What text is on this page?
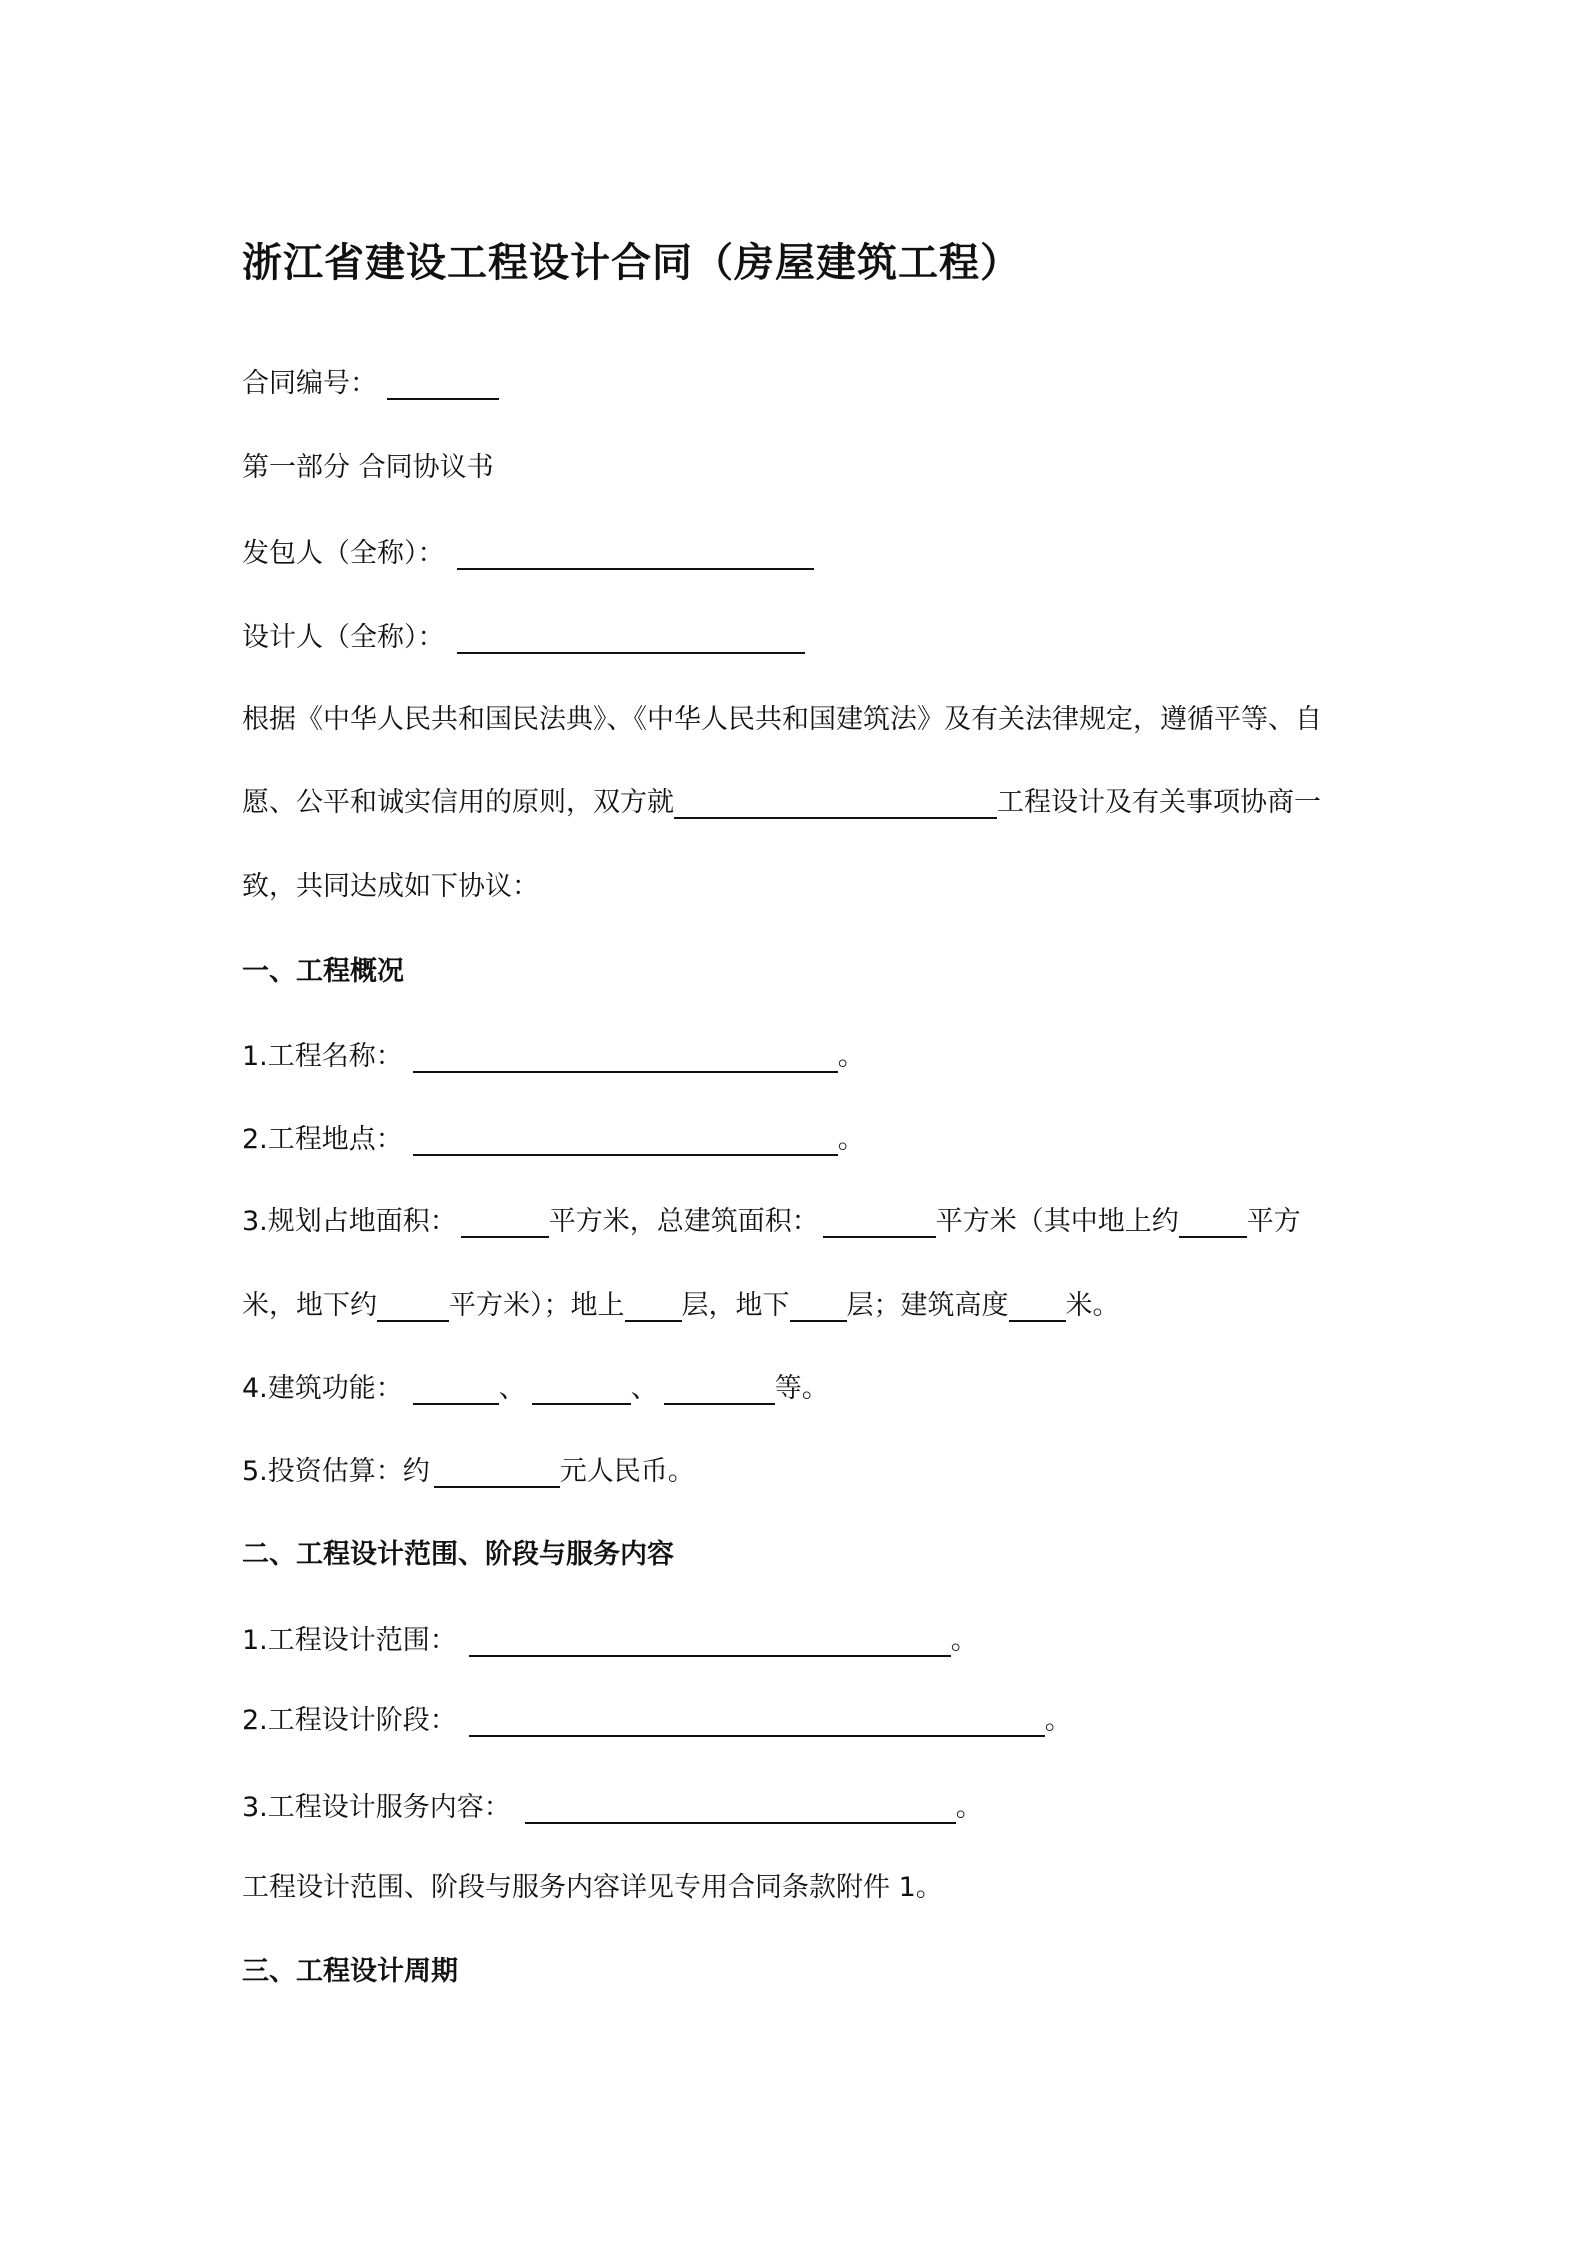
浙江省建设工程设计合同（房屋建筑工程）
合同编号：
第一部分 合同协议书
发包人（全称）：
设计人（全称）：
根据《中华人民共和国民法典》、《中华人民共和国建筑法》及有关法律规定，遵循平等、自
愿、公平和诚实信用的原则，双方就	工程设计及有关事项协商一
致，共同达成如下协议：
一、工程概况
1.工程名称：	。
2.工程地点：	。
3.规划占地面积：	平方米，总建筑面积：	平方米（其中地上约	平方
米，地下约	平方米）；地上 层，地下 层；建筑高度 米。
4.建筑功能：	、	、	等。
5.投资估算：约	元人民币。
二、工程设计范围、阶段与服务内容
1.工程设计范围：	。
2.工程设计阶段：	。
3.工程设计服务内容：	。
工程设计范围、阶段与服务内容详见专用合同条款附件 1。
三、工程设计周期
